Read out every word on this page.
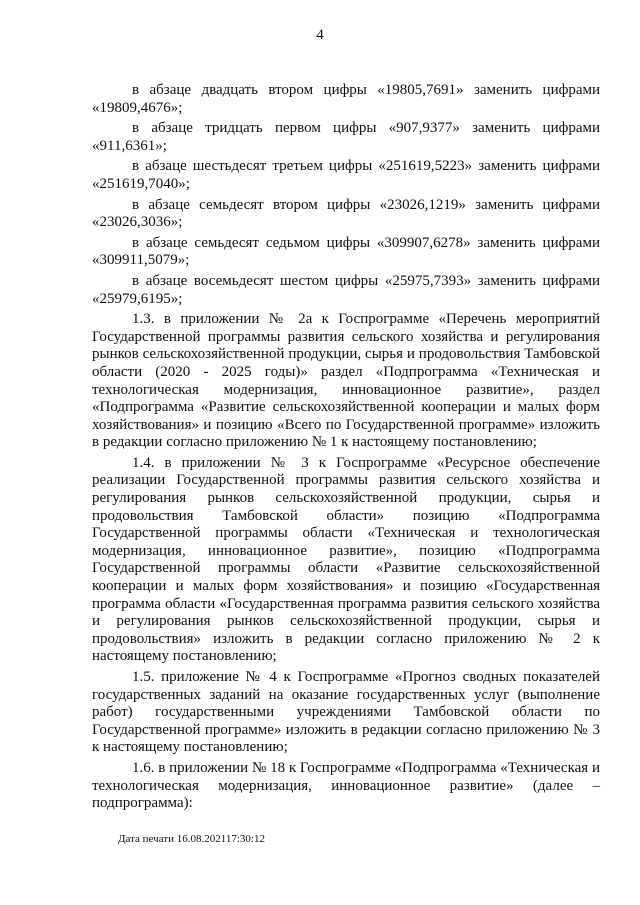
4

в абзаце двадцать втором цифры «19805,7691» заменить цифрами «19809,4676»;

в абзаце тридцать первом цифры «907,9377» заменить цифрами «911,6361»;

в абзаце шестьдесят третьем цифры «251619,5223» заменить цифрами «251619,7040»;

в абзаце семьдесят втором цифры «23026,1219» заменить цифрами «23026,3036»;

в абзаце семьдесят седьмом цифры «309907,6278» заменить цифрами «309911,5079»;

в абзаце восемьдесят шестом цифры «25975,7393» заменить цифрами «25979,6195»;

1.3. в приложении № 2а к Госпрограмме «Перечень мероприятий Государственной программы развития сельского хозяйства и регулирования рынков сельскохозяйственной продукции, сырья и продовольствия Тамбовской области (2020 - 2025 годы)» раздел «Подпрограмма «Техническая и технологическая модернизация, инновационное развитие», раздел «Подпрограмма «Развитие сельскохозяйственной кооперации и малых форм хозяйствования» и позицию «Всего по Государственной программе» изложить в редакции согласно приложению № 1 к настоящему постановлению;

1.4. в приложении № 3 к Госпрограмме «Ресурсное обеспечение реализации Государственной программы развития сельского хозяйства и регулирования рынков сельскохозяйственной продукции, сырья и продовольствия Тамбовской области» позицию «Подпрограмма Государственной программы области «Техническая и технологическая модернизация, инновационное развитие», позицию «Подпрограмма Государственной программы области «Развитие сельскохозяйственной кооперации и малых форм хозяйствования» и позицию «Государственная программа области «Государственная программа развития сельского хозяйства и регулирования рынков сельскохозяйственной продукции, сырья и продовольствия» изложить в редакции согласно приложению № 2 к настоящему постановлению;

1.5. приложение № 4 к Госпрограмме «Прогноз сводных показателей государственных заданий на оказание государственных услуг (выполнение работ) государственными учреждениями Тамбовской области по Государственной программе» изложить в редакции согласно приложению № 3 к настоящему постановлению;

1.6. в приложении № 18 к Госпрограмме «Подпрограмма «Техническая и технологическая модернизация, инновационное развитие» (далее – подпрограмма):

Дата печати 16.08.202117:30:12
